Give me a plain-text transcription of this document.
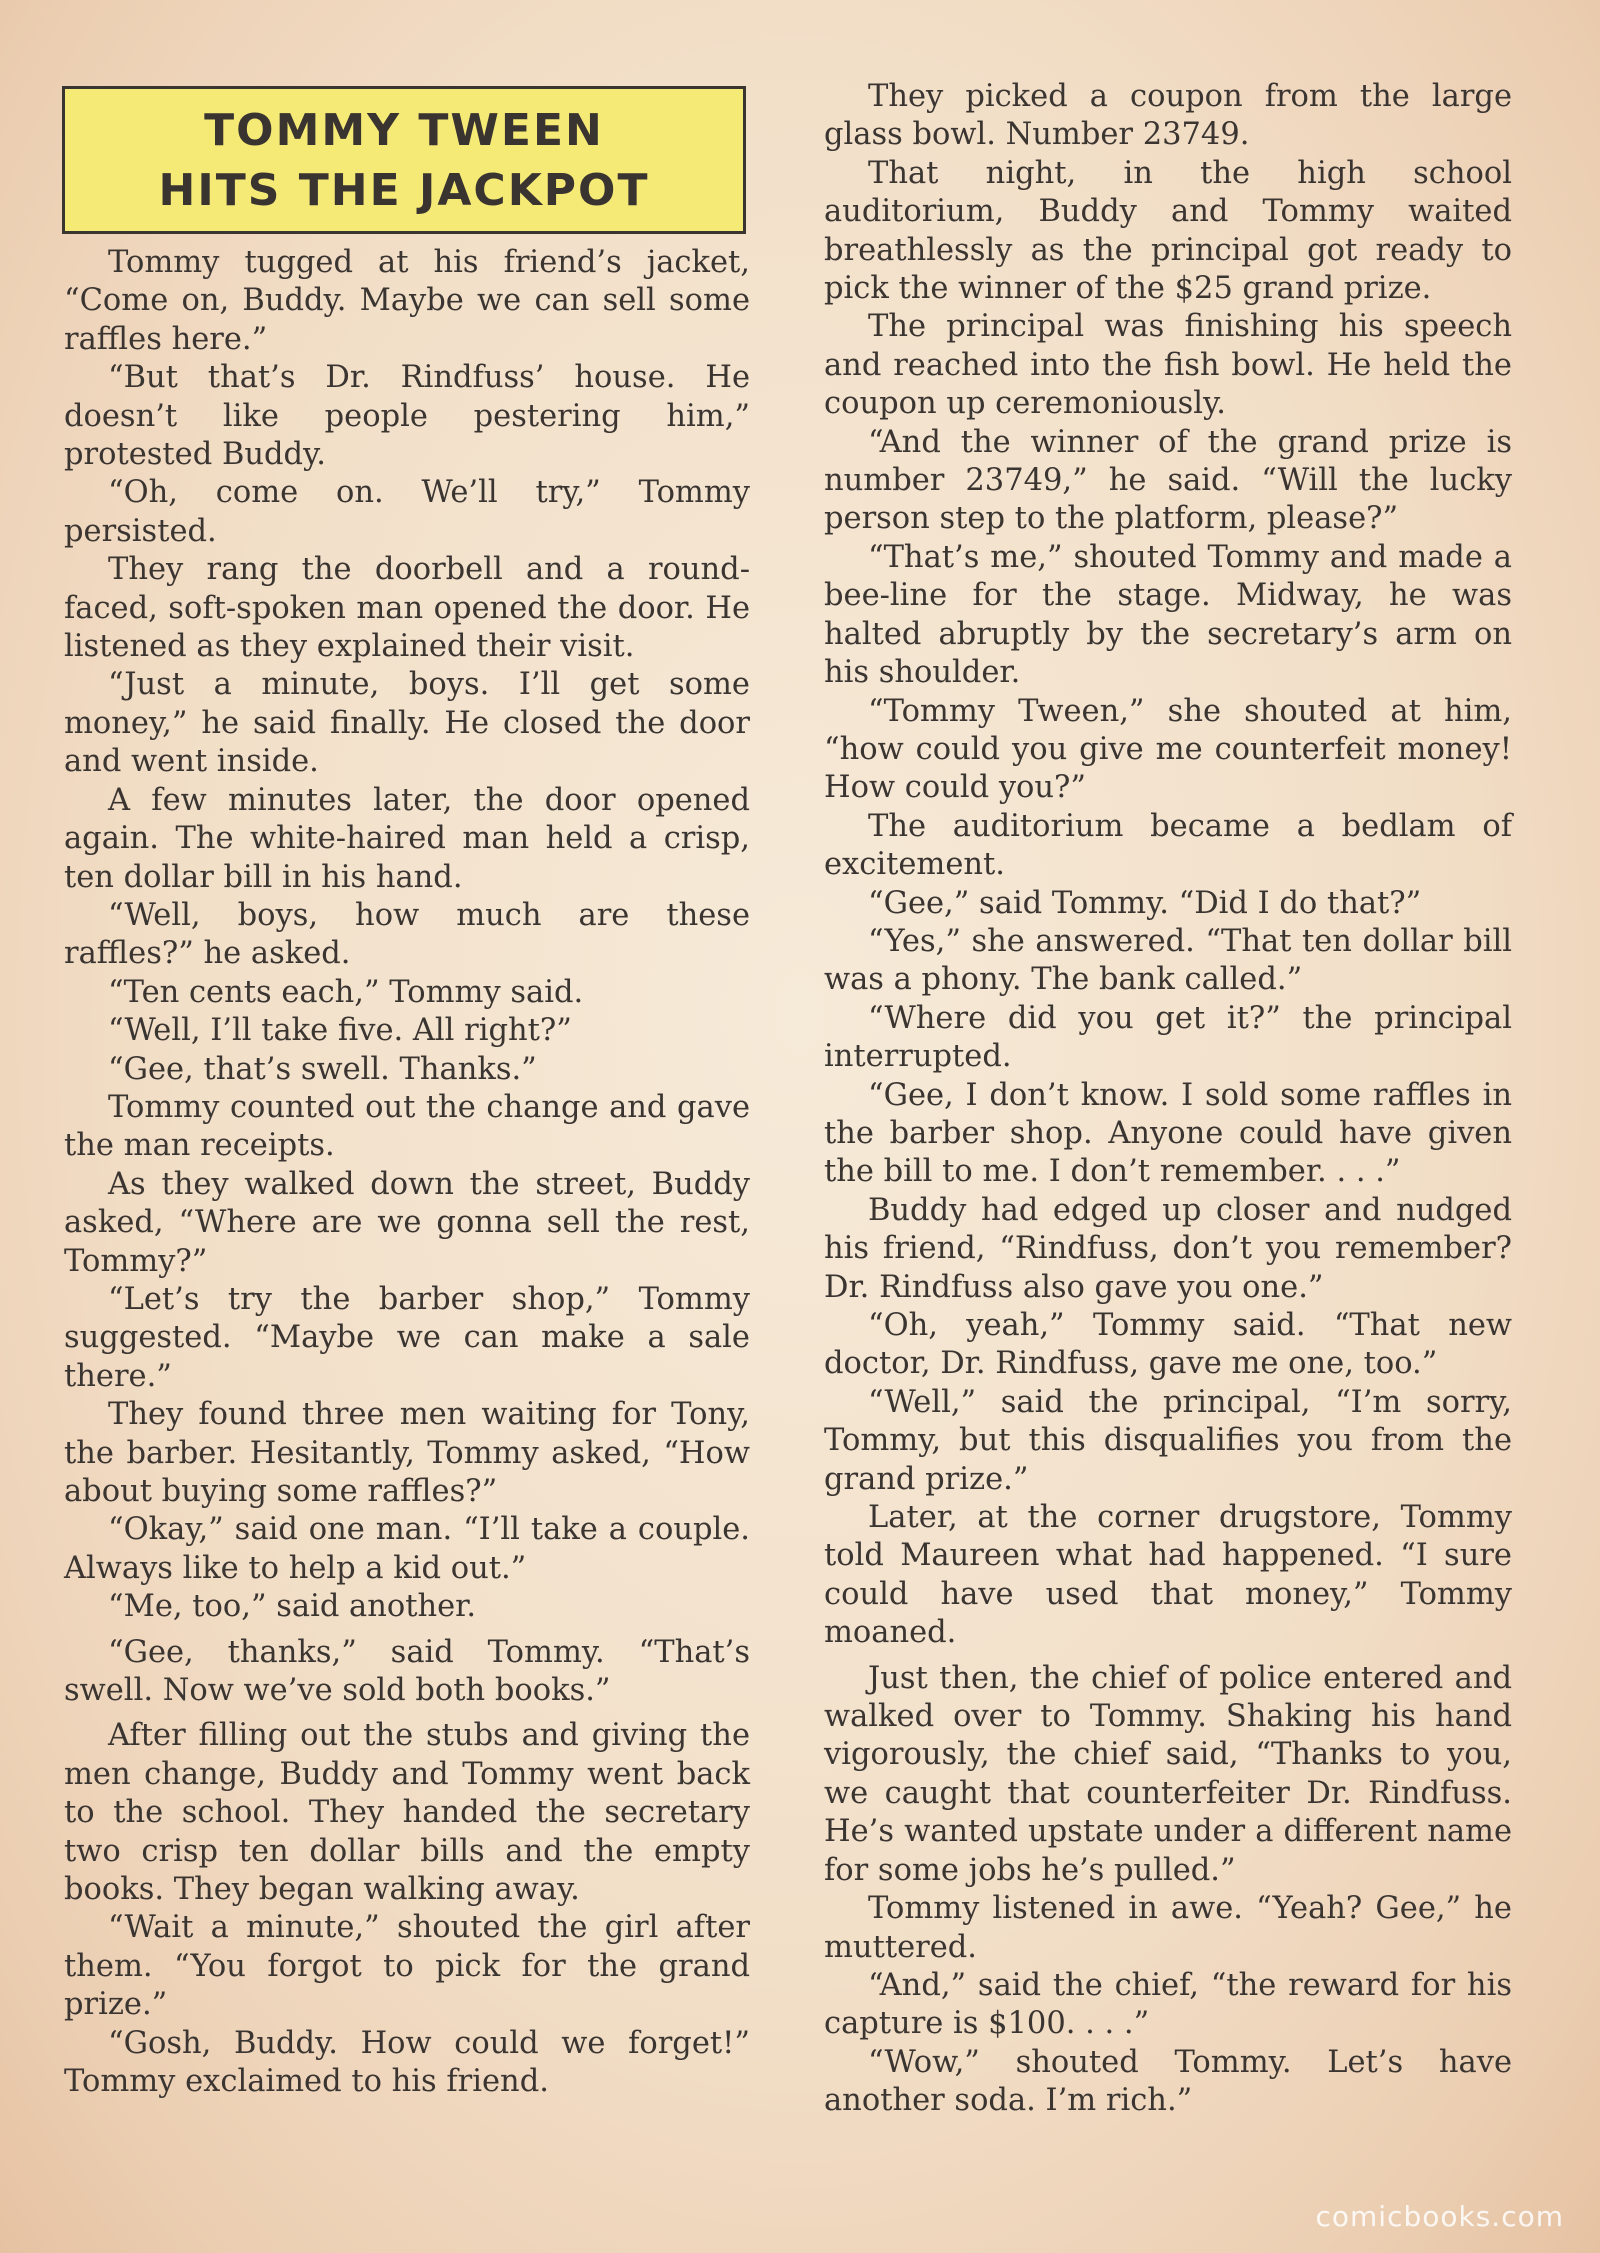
TOMMY TWEEN
HITS THE JACKPOT

Tommy tugged at his friend’s jacket, “Come on, Buddy. Maybe we can sell some raffles here.”

“But that’s Dr. Rindfuss’ house. He doesn’t like people pestering him,” protested Buddy.

“Oh, come on. We’ll try,” Tommy persisted.

They rang the doorbell and a round-faced, soft-spoken man opened the door. He listened as they explained their visit.

“Just a minute, boys. I’ll get some money,” he said finally. He closed the door and went inside.

A few minutes later, the door opened again. The white-haired man held a crisp, ten dollar bill in his hand.

“Well, boys, how much are these raffles?” he asked.

“Ten cents each,” Tommy said.

“Well, I’ll take five. All right?”

“Gee, that’s swell. Thanks.”

Tommy counted out the change and gave the man receipts.

As they walked down the street, Buddy asked, “Where are we gonna sell the rest, Tommy?”

“Let’s try the barber shop,” Tommy suggested. “Maybe we can make a sale there.”

They found three men waiting for Tony, the barber. Hesitantly, Tommy asked, “How about buying some raffles?”

“Okay,” said one man. “I’ll take a couple. Always like to help a kid out.”

“Me, too,” said another.

“Gee, thanks,” said Tommy. “That’s swell. Now we’ve sold both books.”

After filling out the stubs and giving the men change, Buddy and Tommy went back to the school. They handed the secretary two crisp ten dollar bills and the empty books. They began walking away.

“Wait a minute,” shouted the girl after them. “You forgot to pick for the grand prize.”

“Gosh, Buddy. How could we forget!” Tommy exclaimed to his friend.

They picked a coupon from the large glass bowl. Number 23749.

That night, in the high school auditorium, Buddy and Tommy waited breathlessly as the principal got ready to pick the winner of the $25 grand prize.

The principal was finishing his speech and reached into the fish bowl. He held the coupon up ceremoniously.

“And the winner of the grand prize is number 23749,” he said. “Will the lucky person step to the platform, please?”

“That’s me,” shouted Tommy and made a bee-line for the stage. Midway, he was halted abruptly by the secretary’s arm on his shoulder.

“Tommy Tween,” she shouted at him, “how could you give me counterfeit money! How could you?”

The auditorium became a bedlam of excitement.

“Gee,” said Tommy. “Did I do that?”

“Yes,” she answered. “That ten dollar bill was a phony. The bank called.”

“Where did you get it?” the principal interrupted.

“Gee, I don’t know. I sold some raffles in the barber shop. Anyone could have given the bill to me. I don’t remember. . . .”

Buddy had edged up closer and nudged his friend, “Rindfuss, don’t you remember? Dr. Rindfuss also gave you one.”

“Oh, yeah,” Tommy said. “That new doctor, Dr. Rindfuss, gave me one, too.”

“Well,” said the principal, “I’m sorry, Tommy, but this disqualifies you from the grand prize.”

Later, at the corner drugstore, Tommy told Maureen what had happened. “I sure could have used that money,” Tommy moaned.

Just then, the chief of police entered and walked over to Tommy. Shaking his hand vigorously, the chief said, “Thanks to you, we caught that counterfeiter Dr. Rindfuss. He’s wanted upstate under a different name for some jobs he’s pulled.”

Tommy listened in awe. “Yeah? Gee,” he muttered.

“And,” said the chief, “the reward for his capture is $100. . . .”

“Wow,” shouted Tommy. Let’s have another soda. I’m rich.”

comicbooks.com
